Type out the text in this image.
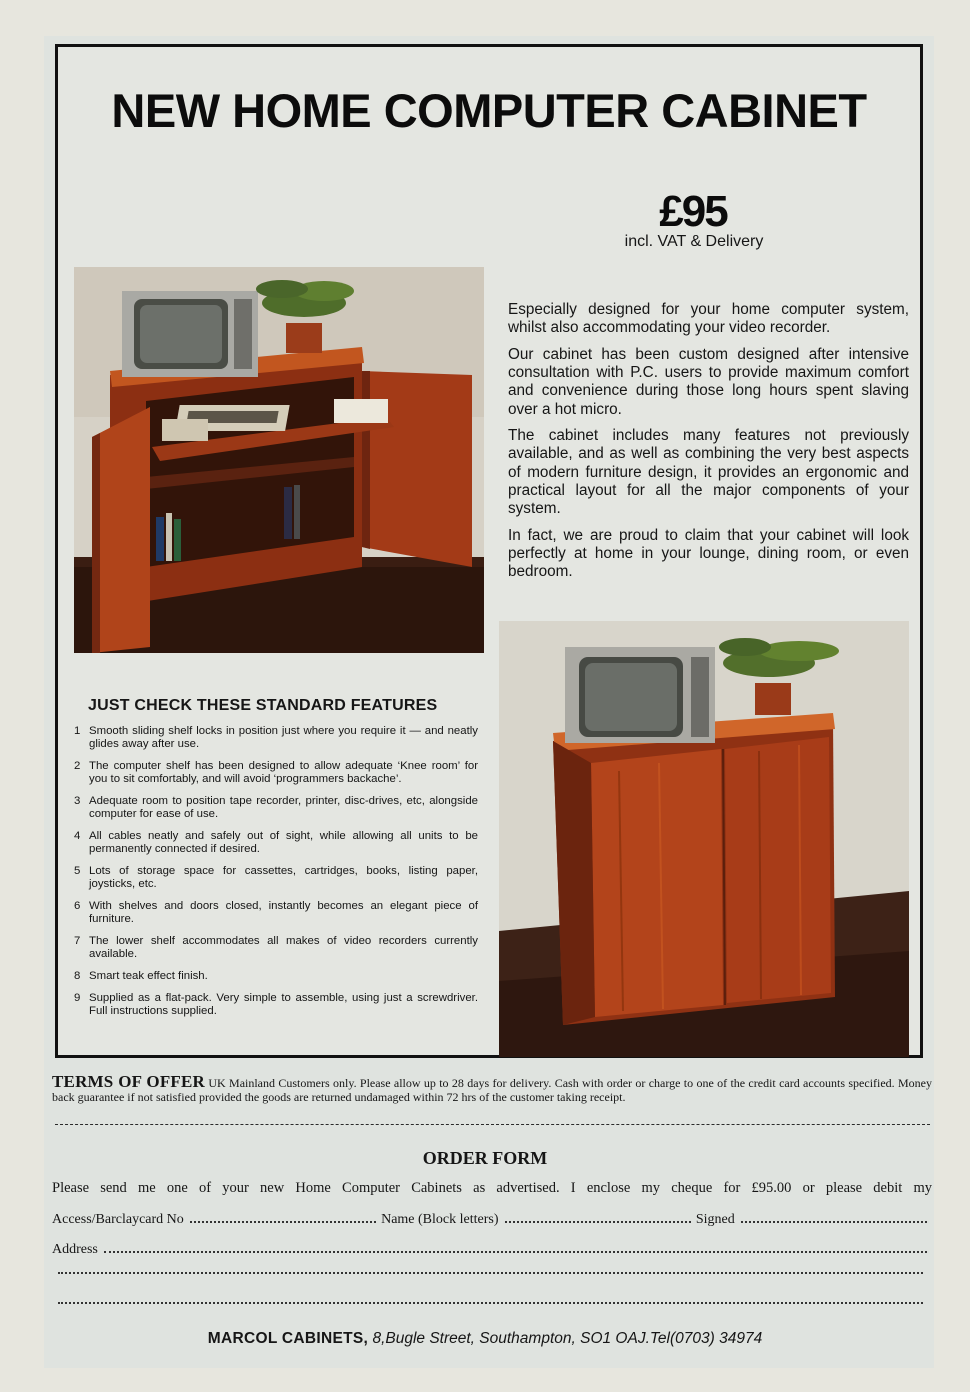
NEW HOME COMPUTER CABINET
£95
incl. VAT & Delivery

Especially designed for your home computer system, whilst also accommodating your video recorder.

Our cabinet has been custom designed after intensive consultation with P.C. users to provide maximum comfort and convenience during those long hours spent slaving over a hot micro.

The cabinet includes many features not previously available, and as well as combining the very best aspects of modern furniture design, it provides an ergonomic and practical layout for all the major components of your system.

In fact, we are proud to claim that your cabinet will look perfectly at home in your lounge, dining room, or even bedroom.

JUST CHECK THESE STANDARD FEATURES
1 Smooth sliding shelf locks in position just where you require it — and neatly glides away after use.
2 The computer shelf has been designed to allow adequate ‘Knee room’ for you to sit comfortably, and will avoid ‘programmers backache’.
3 Adequate room to position tape recorder, printer, disc-drives, etc, alongside computer for ease of use.
4 All cables neatly and safely out of sight, while allowing all units to be permanently connected if desired.
5 Lots of storage space for cassettes, cartridges, books, listing paper, joysticks, etc.
6 With shelves and doors closed, instantly becomes an elegant piece of furniture.
7 The lower shelf accommodates all makes of video recorders currently available.
8 Smart teak effect finish.
9 Supplied as a flat-pack. Very simple to assemble, using just a screwdriver. Full instructions supplied.
TERMS OF OFFER UK Mainland Customers only. Please allow up to 28 days for delivery. Cash with order or charge to one of the credit card accounts specified. Money back guarantee if not satisfied provided the goods are returned undamaged within 72 hrs of the customer taking receipt.
ORDER FORM
Please send me one of your new Home Computer Cabinets as advertised. I enclose my cheque for £95.00 or please debit my
Access/Barclaycard No	Name (Block letters)	Signed
Address
MARCOL CABINETS, 8,Bugle Street, Southampton, SO1 OAJ.Tel(0703) 34974
